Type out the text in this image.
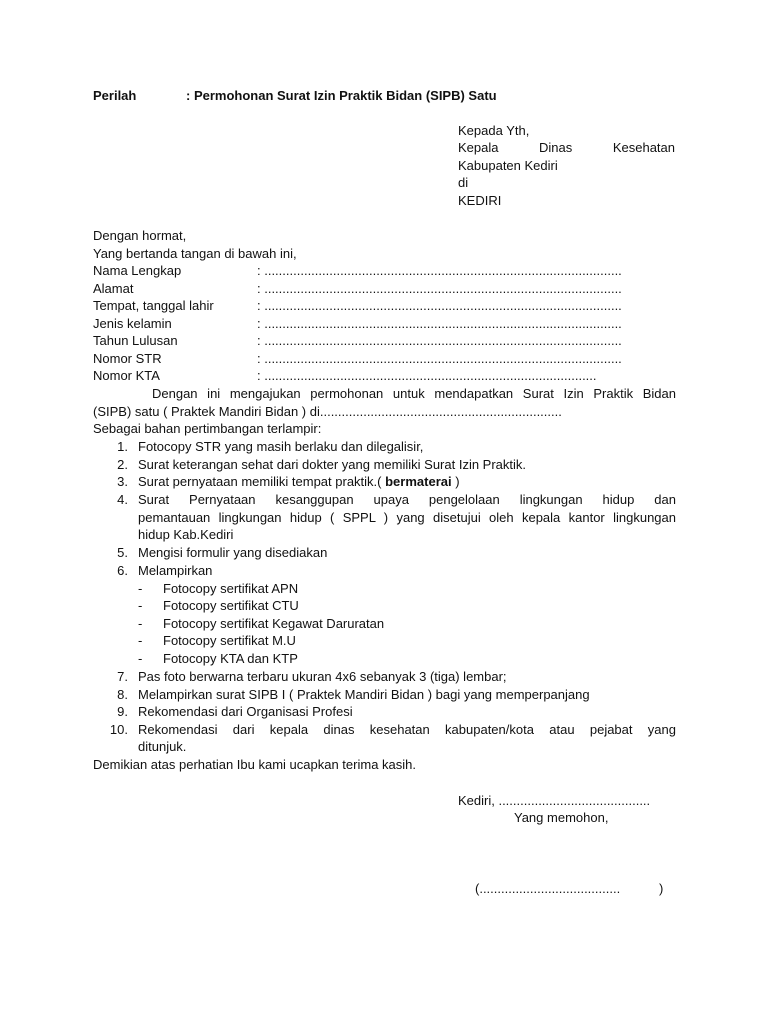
Perilah	: Permohonan Surat Izin Praktik Bidan (SIPB) Satu
Kepada Yth,
Kepala	Dinas	Kesehatan
Kabupaten Kediri
di
KEDIRI
Dengan hormat,
Yang bertanda tangan di bawah ini,
Nama Lengkap	: ...................................................................................................
Alamat	: ...................................................................................................
Tempat, tanggal lahir	: ...................................................................................................
Jenis kelamin	: ...................................................................................................
Tahun Lulusan	: ...................................................................................................
Nomor STR	: ...................................................................................................
Nomor KTA	: ............................................................................................
Dengan ini mengajukan permohonan untuk mendapatkan Surat Izin Praktik Bidan
(SIPB) satu ( Praktek Mandiri Bidan ) di...................................................................
Sebagai bahan pertimbangan terlampir:
1. Fotocopy STR yang masih berlaku dan dilegalisir,
2. Surat keterangan sehat dari dokter yang memiliki Surat Izin Praktik.
3. Surat pernyataan memiliki tempat praktik.( bermaterai )
4. Surat Pernyataan kesanggupan upaya pengelolaan lingkungan hidup dan
pemantauan lingkungan hidup ( SPPL ) yang disetujui oleh kepala kantor lingkungan
hidup Kab.Kediri
5. Mengisi formulir yang disediakan
6. Melampirkan
- Fotocopy sertifikat APN
- Fotocopy sertifikat CTU
- Fotocopy sertifikat Kegawat Daruratan
- Fotocopy sertifikat M.U
- Fotocopy KTA dan KTP
7. Pas foto berwarna terbaru ukuran 4x6 sebanyak 3 (tiga) lembar;
8. Melampirkan surat SIPB I ( Praktek Mandiri Bidan ) bagi yang memperpanjang
9. Rekomendasi dari Organisasi Profesi
10. Rekomendasi dari kepala dinas kesehatan kabupaten/kota atau pejabat yang
ditunjuk.
Demikian atas perhatian Ibu kami ucapkan terima kasih.
Kediri, ..........................................
Yang memohon,
(.......................................	)
